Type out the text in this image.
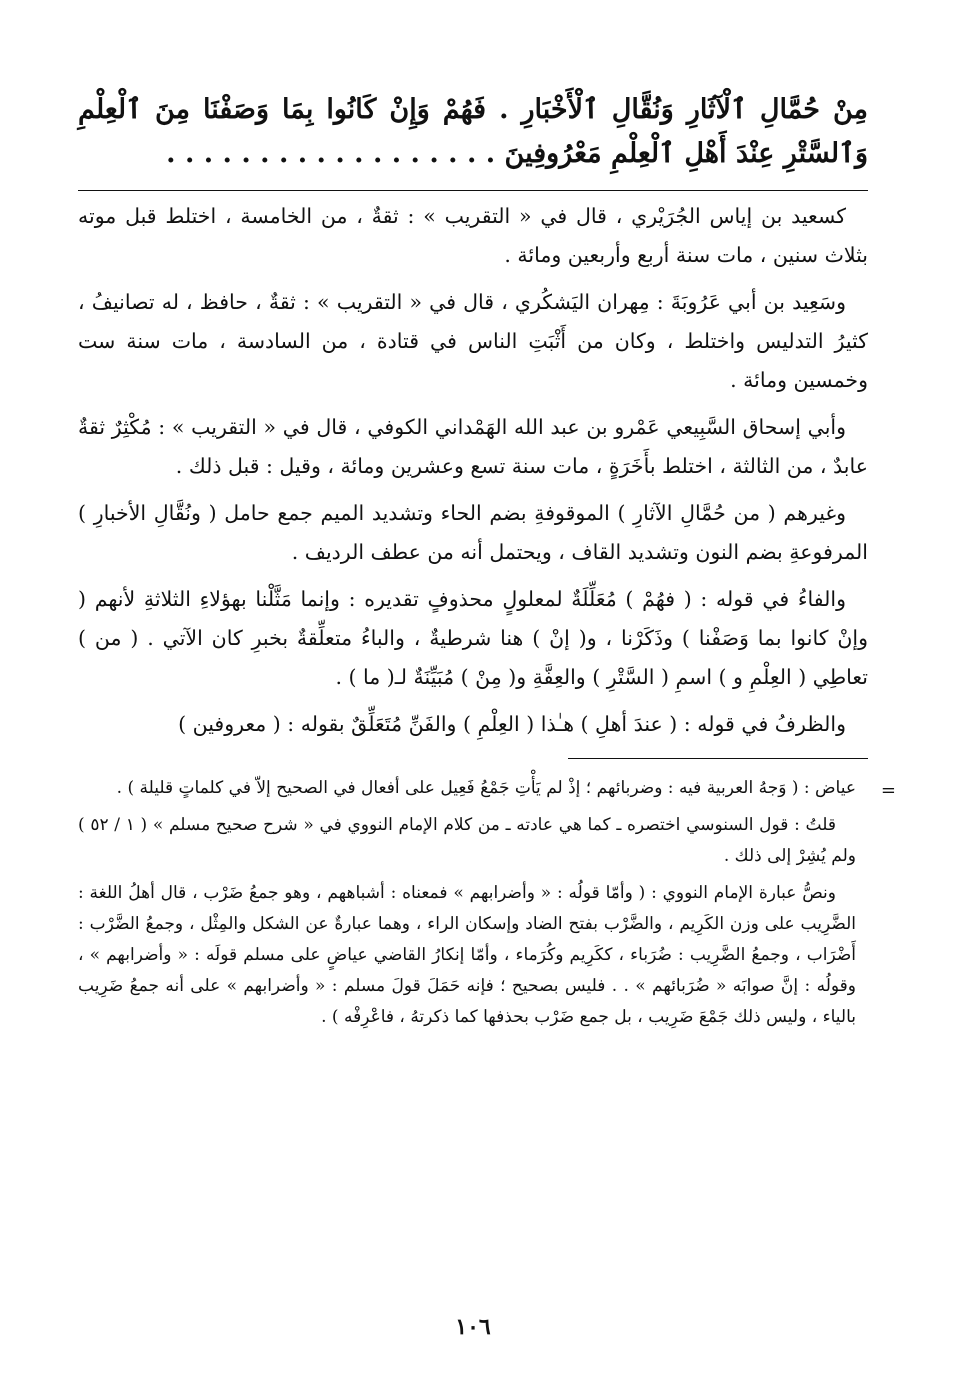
مِنْ حُمَّالِ ٱلْآثَارِ وَنُقَّالِ ٱلْأَخْبَارِ . فَهُمْ وَإِنْ كَانُوا بِمَا وَصَفْنَا مِنَ ٱلْعِلْمِ وَٱلسَّتْرِ عِنْدَ أَهْلِ ٱلْعِلْمِ مَعْرُوفِينَ . . . . . . . . . . . . . . . . . .

كسعيد بن إياس الجُرَيْري ، قال في « التقريب » : ثقةٌ ، من الخامسة ، اختلط قبل موته بثلاث سنين ، مات سنة أربع وأربعين ومائة .

وسَعِيد بن أبي عَرُوبَةَ : مِهران اليَشكُري ، قال في « التقريب » : ثقةٌ ، حافظ ، له تصانيفُ ، كثيرُ التدليس واختلط ، وكان من أَثْبَتِ الناس في قتادة ، من السادسة ، مات سنة ست وخمسين ومائة .

وأبي إسحاق السَّبِيعي عَمْرو بن عبد الله الهَمْداني الكوفي ، قال في « التقريب » : مُكْثِرٌ ثقةٌ عابدٌ ، من الثالثة ، اختلط بأَخَرَةٍ ، مات سنة تسع وعشرين ومائة ، وقيل : قبل ذلك .

وغيرهم ( من حُمَّالِ الآثارِ ) الموقوفةِ بضم الحاء وتشديد الميم جمع حامل ( ونُقَّالِ الأخبارِ ) المرفوعةِ بضم النون وتشديد القاف ، ويحتمل أنه من عطف الرديف .

والفاءُ في قوله : ( فهُمْ ) مُعَلِّلَةٌ لمعلولٍ محذوفٍ تقديره : وإنما مَثَّلْنا بهؤلاءِ الثلاثةِ لأنهم ( وإنْ كانوا بما وَصَفْنا ) وذَكَرْنا ، و( إنْ ) هنا شرطيةٌ ، والباءُ متعلِّقةٌ بخبرِ كان الآتي . ( من ) تعاطِي ( العِلْمِ و ) اسمِ ( السَّتْرِ ) والعِفَّةِ و( مِنْ ) مُبَيِّنَةٌ لـ( ما ) .

والظرفُ في قوله : ( عندَ أهلِ ) هـٰذا ( العِلْمِ ) والفَنِّ مُتَعَلِّقٌ بقوله : ( معروفين )

=

عياض : ( وَجهُ العربية فيه : وضربائهم ؛ إذْ لم يَأْتِ جَمْعُ فَعِيل على أفعال في الصحيح إلاّ في كلماتٍ قليلة ) .

قلتُ : قول السنوسي اختصره ـ كما هي عادته ـ من كلام الإمام النووي في « شرح صحيح مسلم » ( ١ / ٥٢ ) ولم يُشِرْ إلى ذلك .

ونصُّ عبارة الإمام النووي : ( وأمّا قولُه : « وأضرابهم » فمعناه : أشباههم ، وهو جمعُ ضَرْب ، قال أهلُ اللغة : الضَّرِيب على وزن الكَرِيم ، والضَّرْب بفتح الضاد وإسكان الراء ، وهما عبارةٌ عن الشكل والمِثْل ، وجمعُ الضَّرْب : أَضْرَاب ، وجمعُ الضَّرِيب : ضُرَباء ، ككَرِيم وكُرَماء ، وأمّا إنكارُ القاضي عياضٍ على مسلم قولَه : « وأضرابهم » ، وقولُه : إنَّ صوابَه « ضُرَبائهم » . . فليس بصحيح ؛ فإنه حَمَلَ قولَ مسلم : « وأضرابهم » على أنه جمعُ ضَرِيب بالياء ، وليس ذلك جَمْعَ ضَرِيب ، بل جمع ضَرْب بحذفها كما ذكرتهُ ، فاعْرِفْه ) .

١٠٦
